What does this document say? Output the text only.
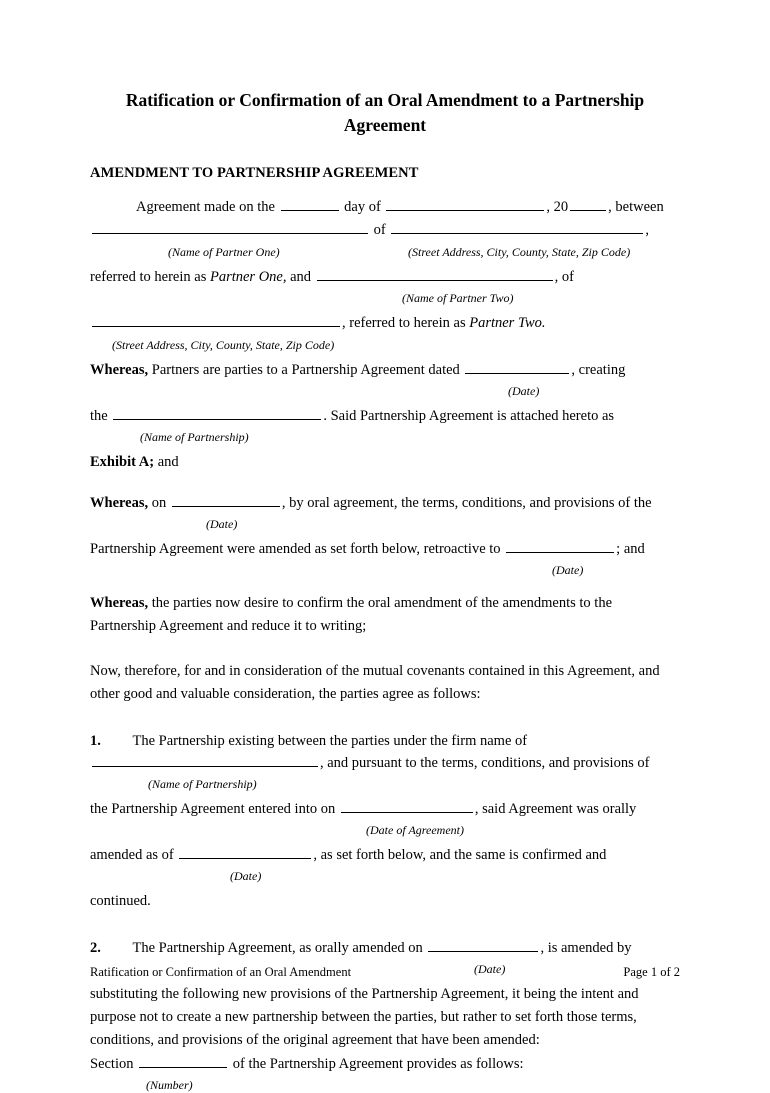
Ratification or Confirmation of an Oral Amendment to a Partnership Agreement
AMENDMENT TO PARTNERSHIP AGREEMENT

Agreement made on the	day of	, 20	, between
of	,

(Name of Partner One)	(Street Address, City, County, State, Zip Code)

referred to herein as Partner One, and	, of

(Name of Partner Two)

, referred to herein as Partner Two.

(Street Address, City, County, State, Zip Code)

Whereas, Partners are parties to a Partnership Agreement dated	, creating

(Date)

the	. Said Partnership Agreement is attached hereto as

(Name of Partnership)

Exhibit A; and

Whereas, on	, by oral agreement, the terms, conditions, and provisions of the

(Date)

Partnership Agreement were amended as set forth below, retroactive to	; and

(Date)

Whereas, the parties now desire to confirm the oral amendment of the amendments to the Partnership Agreement and reduce it to writing;

Now, therefore, for and in consideration of the mutual covenants contained in this Agreement, and other good and valuable consideration, the parties agree as follows:

1. The Partnership existing between the parties under the firm name of
, and pursuant to the terms, conditions, and provisions of

(Name of Partnership)

the Partnership Agreement entered into on	, said Agreement was orally

(Date of Agreement)

amended as of	, as set forth below, and the same is confirmed and

(Date)

continued.

2. The Partnership Agreement, as orally amended on	, is amended by

(Date)

substituting the following new provisions of the Partnership Agreement, it being the intent and purpose not to create a new partnership between the parties, but rather to set forth those terms, conditions, and provisions of the original agreement that have been amended:

Section	of the Partnership Agreement provides as follows:

(Number)
Ratification or Confirmation of an Oral Amendment	Page 1 of 2
